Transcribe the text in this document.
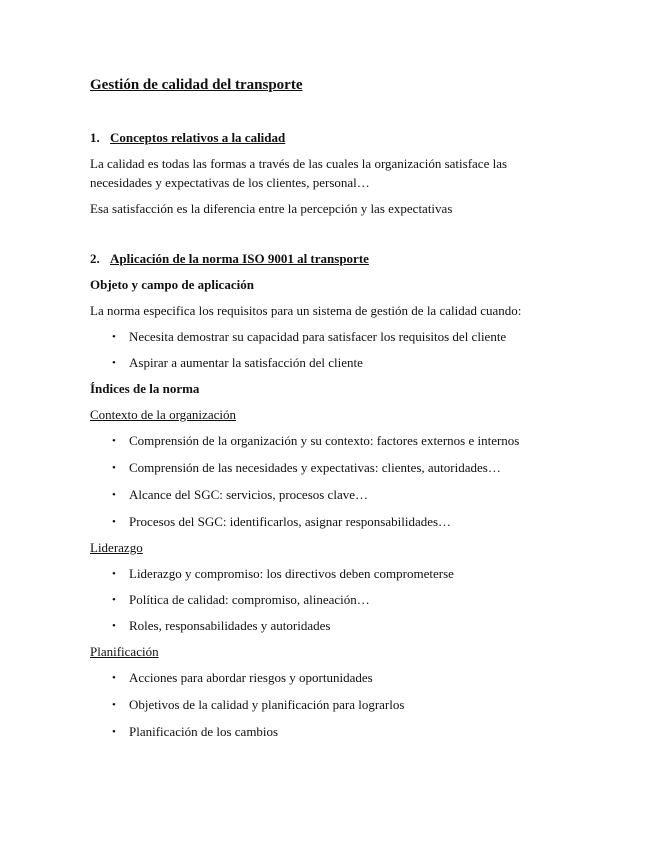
Gestión de calidad del transporte
1. Conceptos relativos a la calidad
La calidad es todas las formas a través de las cuales la organización satisface las
necesidades y expectativas de los clientes, personal…
Esa satisfacción es la diferencia entre la percepción y las expectativas
2. Aplicación de la norma ISO 9001 al transporte
Objeto y campo de aplicación
La norma especifica los requisitos para un sistema de gestión de la calidad cuando:
• Necesita demostrar su capacidad para satisfacer los requisitos del cliente
• Aspirar a aumentar la satisfacción del cliente
Índices de la norma
Contexto de la organización
• Comprensión de la organización y su contexto: factores externos e internos
• Comprensión de las necesidades y expectativas: clientes, autoridades…
• Alcance del SGC: servicios, procesos clave…
• Procesos del SGC: identificarlos, asignar responsabilidades…
Liderazgo
• Liderazgo y compromiso: los directivos deben comprometerse
• Política de calidad: compromiso, alineación…
• Roles, responsabilidades y autoridades
Planificación
• Acciones para abordar riesgos y oportunidades
• Objetivos de la calidad y planificación para lograrlos
• Planificación de los cambios
